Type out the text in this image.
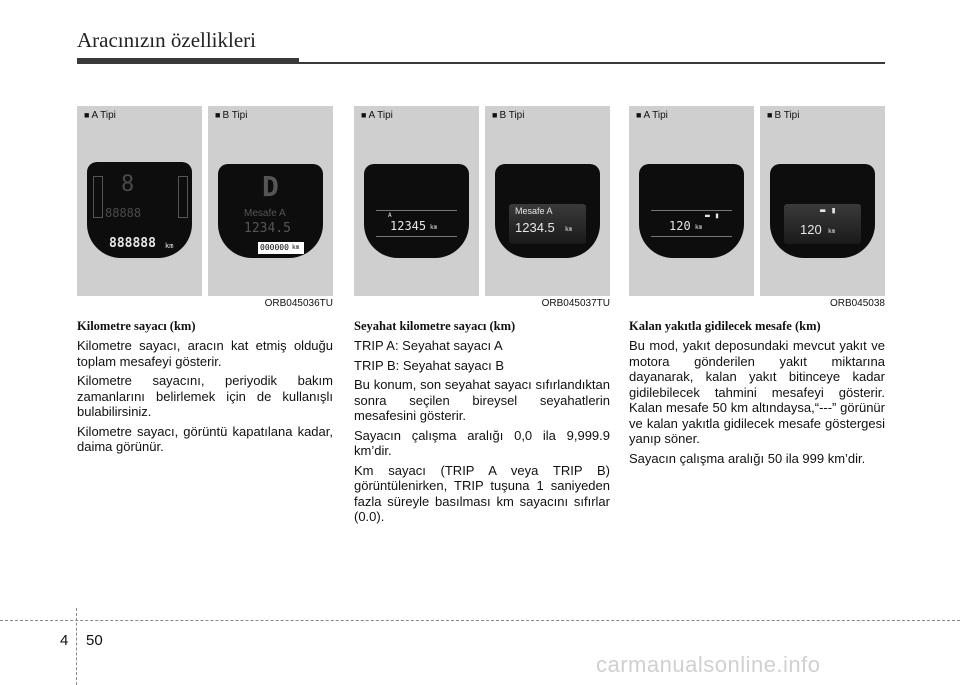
Aracınızın özellikleri
■ A Tipi
8
88888
888888 km
■ B Tipi
D
Mesafe A
1234.5
000000 km
ORB045036TU
Kilometre sayacı (km)

Kilometre sayacı, aracın kat etmiş olduğu toplam mesafeyi gösterir.

Kilometre sayacını, periyodik bakım zamanlarını belirlemek için de kullanışlı bulabilirsiniz.

Kilometre sayacı, görüntü kapatılana kadar, daima görünür.

■ A Tipi
A
12345 km
■ B Tipi
Mesafe A
1234.5 km
ORB045037TU
Seyahat kilometre sayacı (km)

TRIP A: Seyahat sayacı A

TRIP B: Seyahat sayacı B

Bu konum, son seyahat sayacı sıfırlandıktan sonra seçilen bireysel seyahatlerin mesafesini gösterir.

Sayacın çalışma aralığı 0,0 ila 9,999.9 km’dir.

Km sayacı (TRIP A veya TRIP B) görüntülenirken, TRIP tuşuna 1 saniyeden fazla süreyle basılması km sayacını sıfırlar (0.0).

■ A Tipi
▬ ▮
120 km
■ B Tipi
▬ ▮
120 km
ORB045038
Kalan yakıtla gidilecek mesafe (km)

Bu mod, yakıt deposundaki mevcut yakıt ve motora gönderilen yakıt miktarına dayanarak, kalan yakıt bitinceye kadar gidilebilecek tahmini mesafeyi gösterir. Kalan mesafe 50 km altındaysa,“---” görünür ve kalan yakıtla gidilecek mesafe göstergesi yanıp söner.

Sayacın çalışma aralığı 50 ila 999 km’dir.

4 50
carmanualsonline.info
